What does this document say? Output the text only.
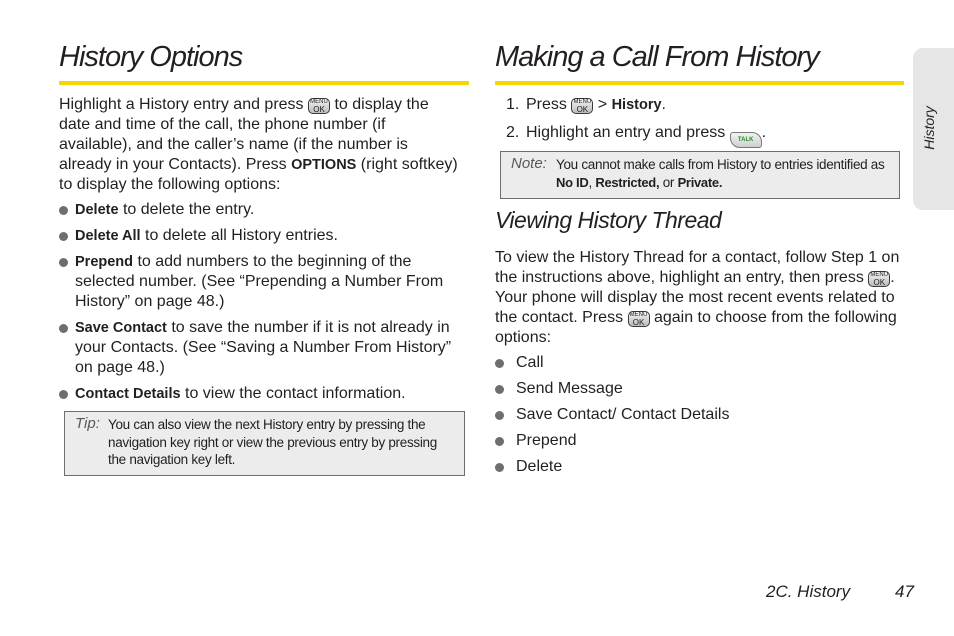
History Options

Highlight a History entry and press MENU
OK to display the date and time of the call, the phone number (if available), and the caller’s name (if the number is already in your Contacts). Press OPTIONS (right softkey) to display the following options:

Delete to delete the entry.
Delete All to delete all History entries.
Prepend to add numbers to the beginning of the selected number. (See “Prepending a Number From History” on page 48.)
Save Contact to save the number if it is not already in your Contacts. (See “Saving a Number From History” on page 48.)
Contact Details to view the contact information.
Tip: You can also view the next History entry by pressing the navigation key right or view the previous entry by pressing the navigation key left.
Making a Call From History
1. Press MENU
OK > History.
2. Highlight an entry and press TALK .
Note: You cannot make calls from History to entries identified as No ID, Restricted, or Private.
Viewing History Thread

To view the History Thread for a contact, follow Step 1 on the instructions above, highlight an entry, then press MENU
OK . Your phone will display the most recent events related to the contact. Press MENU
OK again to choose from the following options:

Call
Send Message
Save Contact/ Contact Details
Prepend
Delete
History
2C. History	47
